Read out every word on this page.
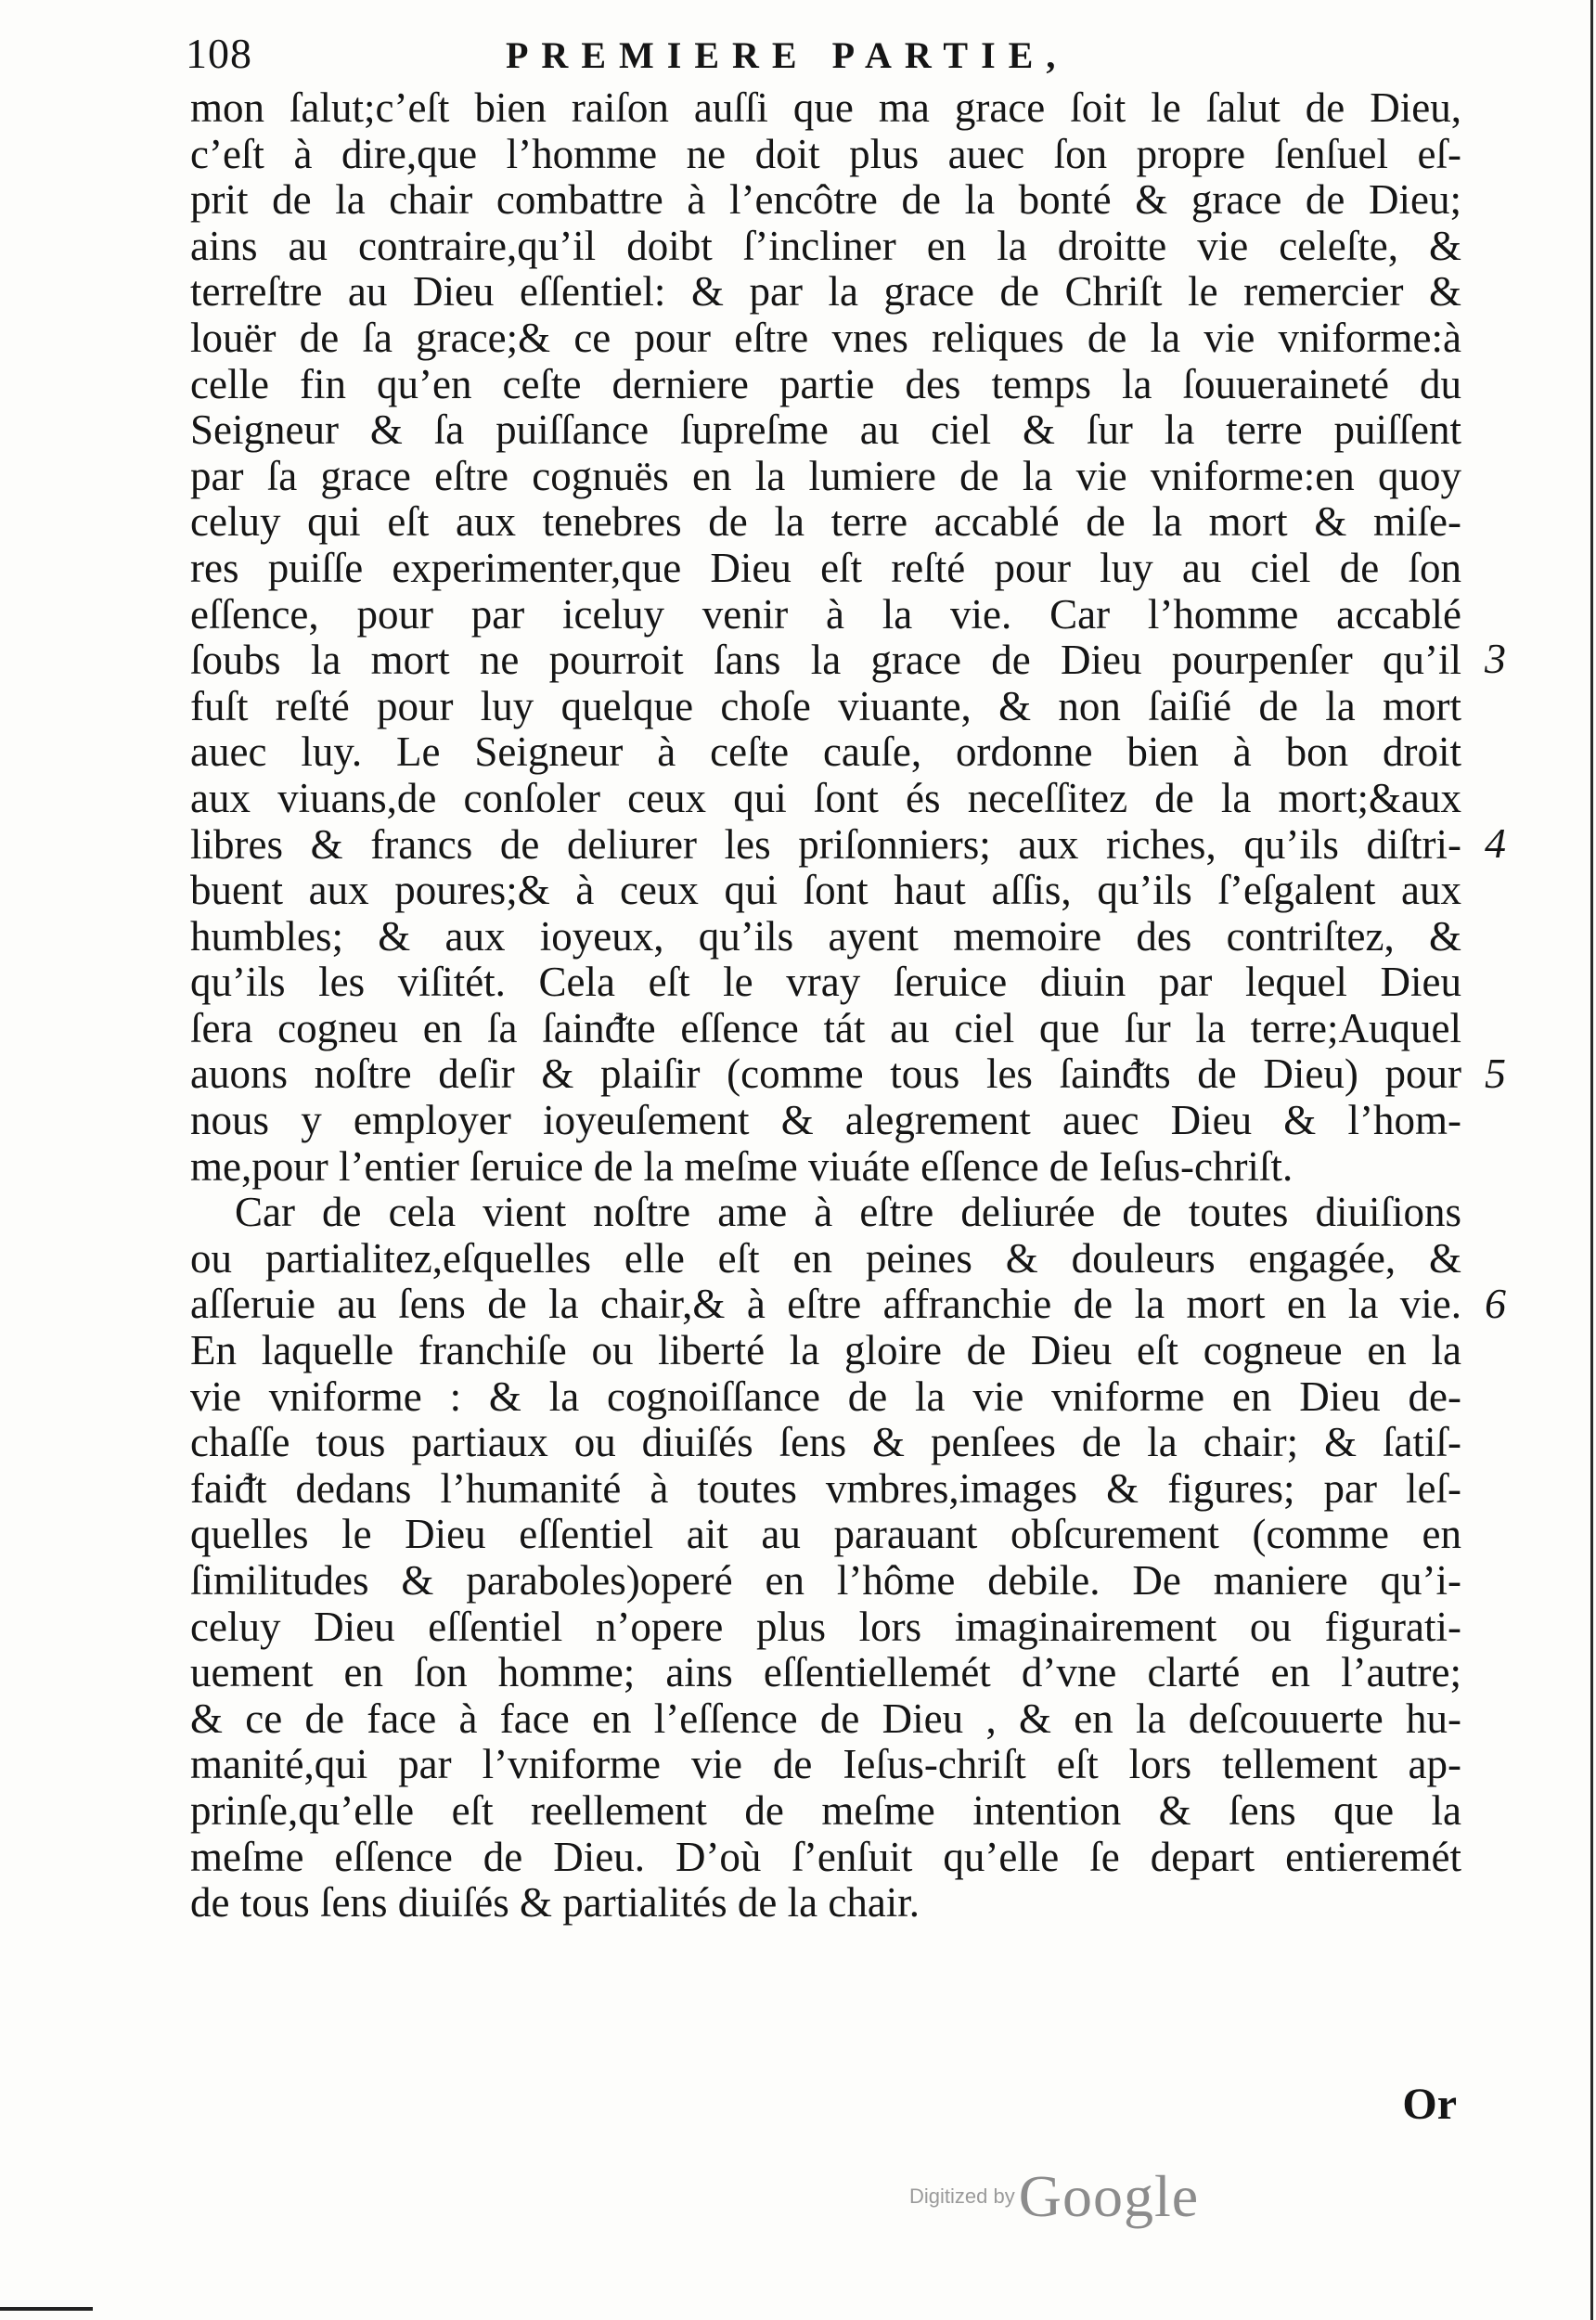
108	PREMIERE PARTIE,
mon ſalut;c’eſt bien raiſon auſſi que ma grace ſoit le ſalut de Dieu,
c’eſt à dire,que l’homme ne doit plus auec ſon propre ſenſuel eſ-
prit de la chair combattre à l’encôtre de la bonté & grace de Dieu;
ains au contraire,qu’il doibt ſ’incliner en la droitte vie celeſte, &
terreſtre au Dieu eſſentiel: & par la grace de Chriſt le remercier &
louër de ſa grace;& ce pour eſtre vnes reliques de la vie vniforme:à
celle fin qu’en ceſte derniere partie des temps la ſouueraineté du
Seigneur & ſa puiſſance ſupreſme au ciel & ſur la terre puiſſent
par ſa grace eſtre cognuës en la lumiere de la vie vniforme:en quoy
celuy qui eſt aux tenebres de la terre accablé de la mort & miſe-
res puiſſe experimenter,que Dieu eſt reſté pour luy au ciel de ſon
eſſence, pour par iceluy venir à la vie. Car l’homme accablé
ſoubs la mort ne pourroit ſans la grace de Dieu pourpenſer qu’il
fuſt reſté pour luy quelque choſe viuante, & non ſaiſié de la mort
auec luy. Le Seigneur à ceſte cauſe, ordonne bien à bon droit
aux viuans,de conſoler ceux qui ſont és neceſſitez de la mort;&aux
libres & francs de deliurer les priſonniers; aux riches, qu’ils diſtri-
buent aux poures;& à ceux qui ſont haut aſſis, qu’ils ſ’eſgalent aux
humbles; & aux ioyeux, qu’ils ayent memoire des contriſtez, &
qu’ils les viſitét. Cela eſt le vray ſeruice diuin par lequel Dieu
ſera cogneu en ſa ſainᵭte eſſence tát au ciel que ſur la terre;Auquel
auons noſtre deſir & plaiſir (comme tous les ſainᵭts de Dieu) pour
nous y employer ioyeuſement & alegrement auec Dieu & l’hom-
me,pour l’entier ſeruice de la meſme viuáte eſſence de Ieſus-chriſt.
Car de cela vient noſtre ame à eſtre deliurée de toutes diuiſions
ou partialitez,eſquelles elle eſt en peines & douleurs engagée, &
aſſeruie au ſens de la chair,& à eſtre affranchie de la mort en la vie.
En laquelle franchiſe ou liberté la gloire de Dieu eſt cogneue en la
vie vniforme : & la cognoiſſance de la vie vniforme en Dieu de-
chaſſe tous partiaux ou diuiſés ſens & penſees de la chair; & ſatiſ-
faiᵭt dedans l’humanité à toutes vmbres,images & figures; par leſ-
quelles le Dieu eſſentiel ait au parauant obſcurement (comme en
ſimilitudes & paraboles)operé en l’hôme debile. De maniere qu’i-
celuy Dieu eſſentiel n’opere plus lors imaginairement ou figurati-
uement en ſon homme; ains eſſentiellemét d’vne clarté en l’autre;
& ce de face à face en l’eſſence de Dieu , & en la deſcouuerte hu-
manité,qui par l’vniforme vie de Ieſus-chriſt eſt lors tellement ap-
prinſe,qu’elle eſt reellement de meſme intention & ſens que la
meſme eſſence de Dieu. D’où ſ’enſuit qu’elle ſe depart entieremét
de tous ſens diuiſés & partialités de la chair.
3
4
5
6
Or
Digitized by Google
